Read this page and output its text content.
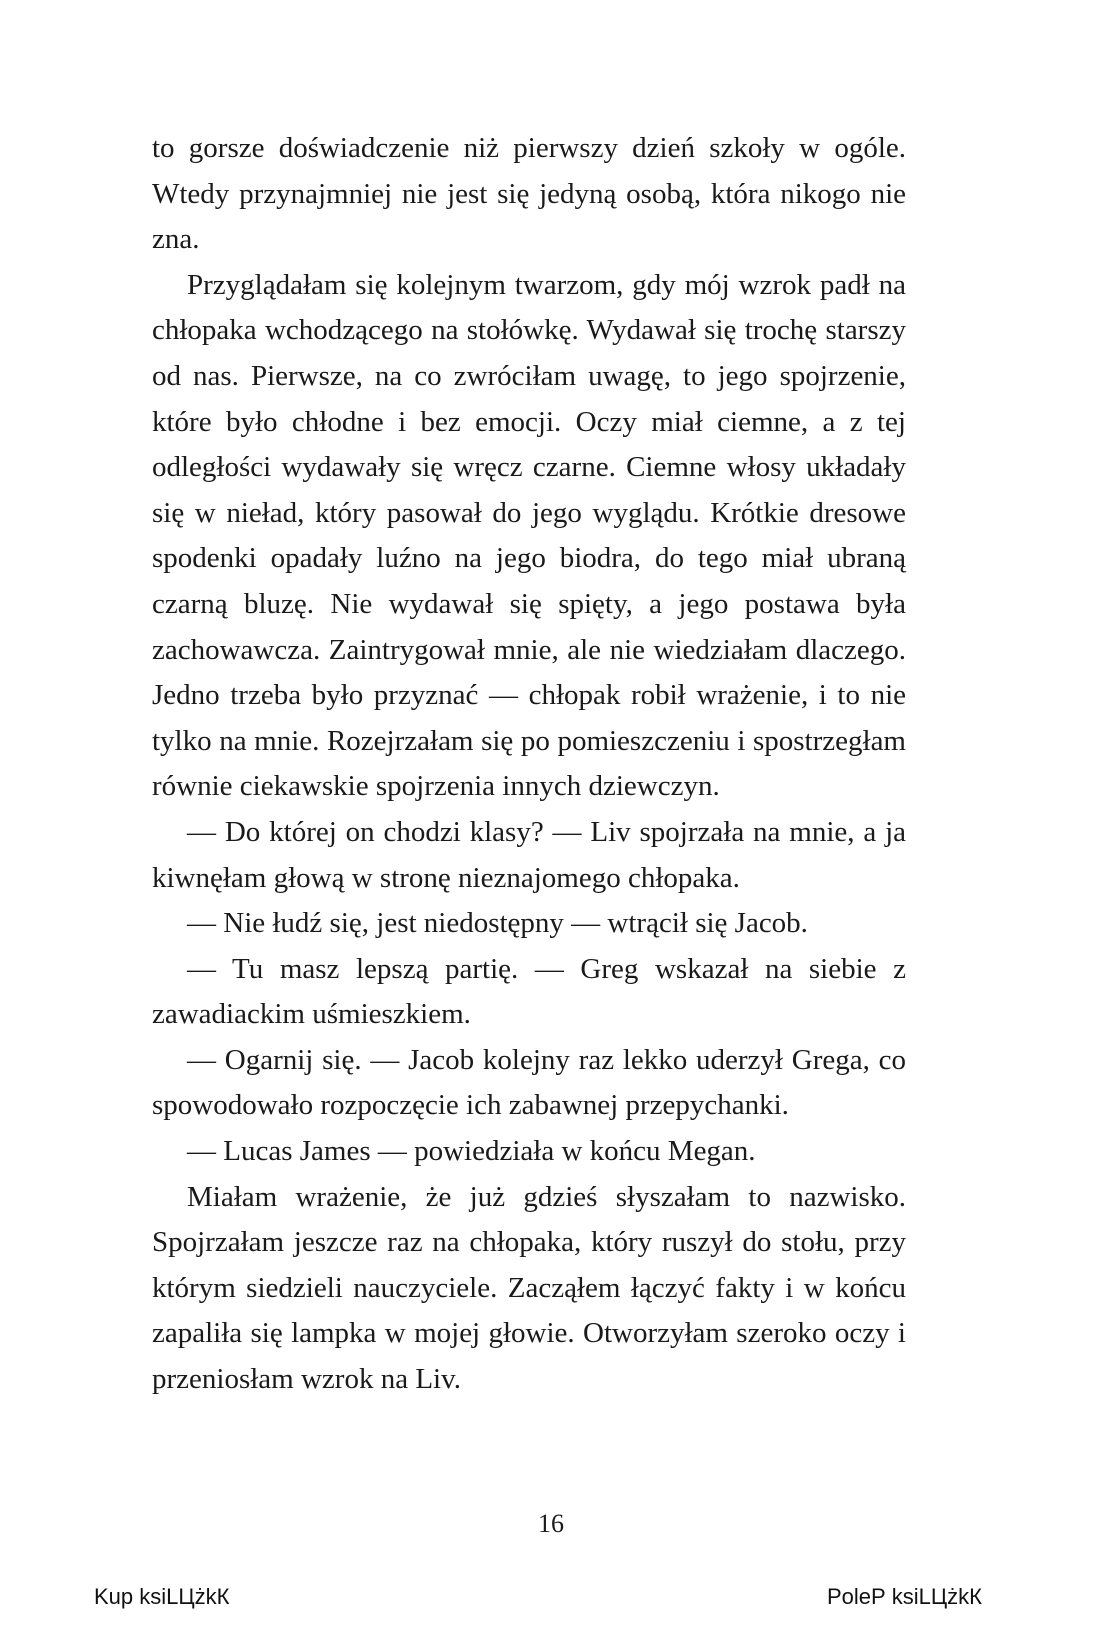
to gorsze doświadczenie niż pierwszy dzień szkoły w ogóle. Wtedy przynajmniej nie jest się jedyną osobą, która nikogo nie zna.

Przyglądałam się kolejnym twarzom, gdy mój wzrok padł na chłopaka wchodzącego na stołówkę. Wydawał się trochę starszy od nas. Pierwsze, na co zwróciłam uwagę, to jego spojrzenie, które było chłodne i bez emocji. Oczy miał ciemne, a z tej odległości wydawały się wręcz czarne. Ciemne włosy układały się w nieład, który pasował do jego wyglądu. Krótkie dresowe spodenki opadały luźno na jego biodra, do tego miał ubraną czarną bluzę. Nie wydawał się spięty, a jego postawa była zachowawcza. Zaintrygował mnie, ale nie wiedziałam dlaczego. Jedno trzeba było przyznać — chłopak robił wrażenie, i to nie tylko na mnie. Rozejrzałam się po pomieszczeniu i spostrzegłam równie ciekawskie spojrzenia innych dziewczyn.

— Do której on chodzi klasy? — Liv spojrzała na mnie, a ja kiwnęłam głową w stronę nieznajomego chłopaka.

— Nie łudź się, jest niedostępny — wtrącił się Jacob.

— Tu masz lepszą partię. — Greg wskazał na siebie z zawadiackim uśmieszkiem.

— Ogarnij się. — Jacob kolejny raz lekko uderzył Grega, co spowodowało rozpoczęcie ich zabawnej przepychanki.

— Lucas James — powiedziała w końcu Megan.

Miałam wrażenie, że już gdzieś słyszałam to nazwisko. Spojrzałam jeszcze raz na chłopaka, który ruszył do stołu, przy którym siedzieli nauczyciele. Zacząłem łączyć fakty i w końcu zapaliła się lampka w mojej głowie. Otworzyłam szeroko oczy i przeniosłam wzrok na Liv.

16
Kup ksiLЦżkК	PoleР ksiLЦżkК
